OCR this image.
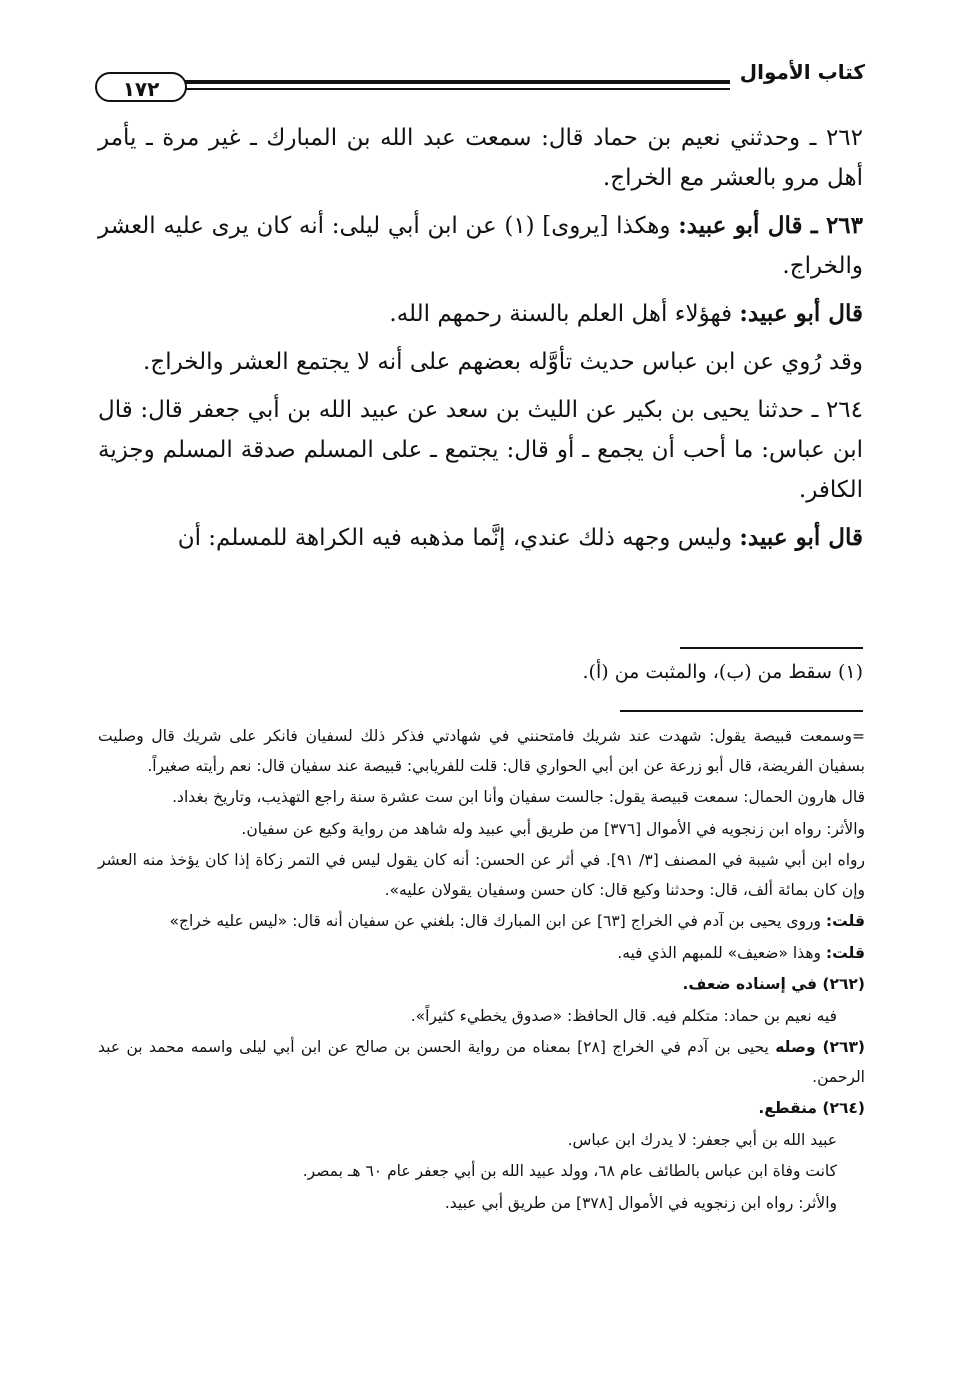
كتاب الأموال
١٧٢

٢٦٢ ـ وحدثني نعيم بن حماد قال: سمعت عبد الله بن المبارك ـ غير مرة ـ يأمر أهل مرو بالعشر مع الخراج.

٢٦٣ ـ قال أبو عبيد: وهكذا [يروى] (١) عن ابن أبي ليلى: أنه كان يرى عليه العشر والخراج.

قال أبو عبيد: فهؤلاء أهل العلم بالسنة رحمهم الله.

وقد رُوي عن ابن عباس حديث تأوَّله بعضهم على أنه لا يجتمع العشر والخراج.

٢٦٤ ـ حدثنا يحيى بن بكير عن الليث بن سعد عن عبيد الله بن أبي جعفر قال: قال ابن عباس: ما أحب أن يجمع ـ أو قال: يجتمع ـ على المسلم صدقة المسلم وجزية الكافر.

قال أبو عبيد: وليس وجهه ذلك عندي، إنَّما مذهبه فيه الكراهة للمسلم: أن

(١) سقط من (ب)، والمثبت من (أ).

=وسمعت قبيصة يقول: شهدت عند شريك فامتحنني في شهادتي فذكر ذلك لسفيان فانكر على شريك قال وصليت بسفيان الفريضة، قال أبو زرعة عن ابن أبي الحواري قال: قلت للفريابي: قبيصة عند سفيان قال: نعم رأيته صغيراً.

قال هارون الحمال: سمعت قبيصة يقول: جالست سفيان وأنا ابن ست عشرة سنة راجع التهذيب، وتاريخ بغداد.

والأثر: رواه ابن زنجويه في الأموال [٣٧٦] من طريق أبي عبيد وله شاهد من رواية وكيع عن سفيان.

رواه ابن أبي شيبة في المصنف [٣/ ٩١]. في أثر عن الحسن: أنه كان يقول ليس في التمر زكاة إذا كان يؤخذ منه العشر وإن كان بمائة ألف، قال: وحدثنا وكيع قال: كان حسن وسفيان يقولان عليه».

قلت: وروى يحيى بن آدم في الخراج [٦٣] عن ابن المبارك قال: بلغني عن سفيان أنه قال: «ليس عليه خراج»

قلت: وهذا «ضعيف» للمبهم الذي فيه.

(٢٦٢) في إسناده ضعف.

فيه نعيم بن حماد: متكلم فيه. قال الحافظ: «صدوق يخطيء كثيراً».

(٢٦٣) وصله يحيى بن آدم في الخراج [٢٨] بمعناه من رواية الحسن بن صالح عن ابن أبي ليلى واسمه محمد بن عبد الرحمن.

(٢٦٤) منقطع.

عبيد الله بن أبي جعفر: لا يدرك ابن عباس.

كانت وفاة ابن عباس بالطائف عام ٦٨، وولد عبيد الله بن أبي جعفر عام ٦٠ هـ بمصر.

والأثر: رواه ابن زنجويه في الأموال [٣٧٨] من طريق أبي عبيد.
